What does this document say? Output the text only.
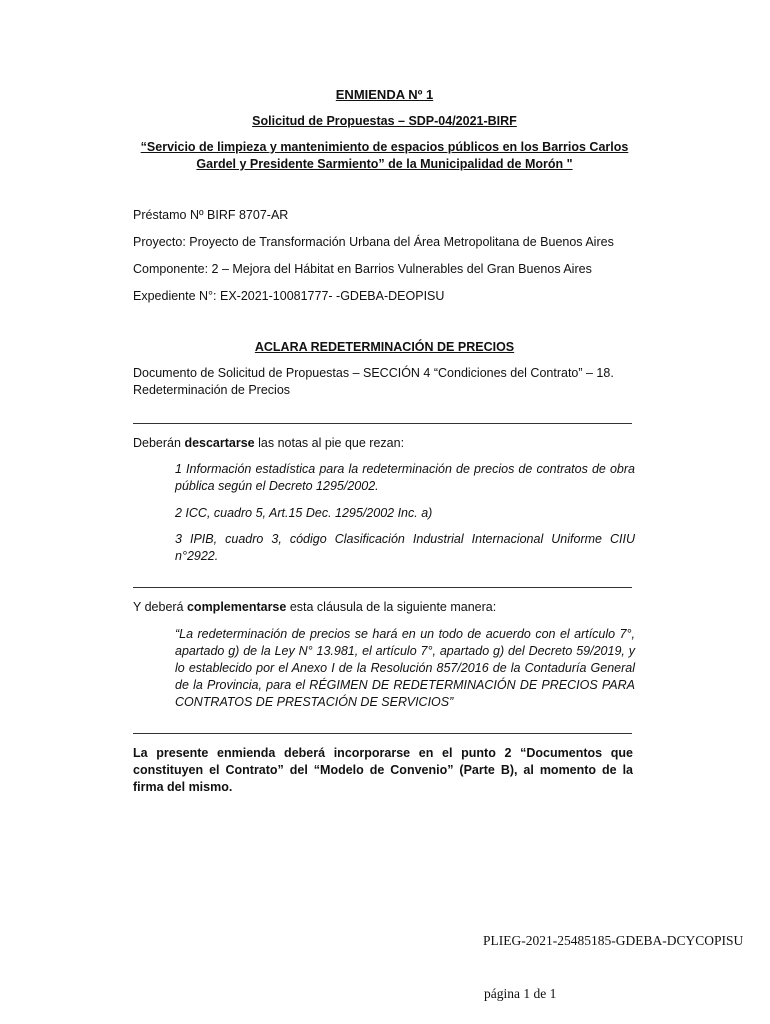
ENMIENDA Nº 1
Solicitud de Propuestas – SDP-04/2021-BIRF
“Servicio de limpieza y mantenimiento de espacios públicos en los Barrios Carlos Gardel y Presidente Sarmiento” de la Municipalidad de Morón "
Préstamo Nº BIRF 8707-AR
Proyecto: Proyecto de Transformación Urbana del Área Metropolitana de Buenos Aires
Componente: 2 – Mejora del Hábitat en Barrios Vulnerables del Gran Buenos Aires
Expediente N°: EX-2021-10081777- -GDEBA-DEOPISU
ACLARA REDETERMINACIÓN DE PRECIOS
Documento de Solicitud de Propuestas – SECCIÓN 4 “Condiciones del Contrato” – 18. Redeterminación de Precios
Deberán descartarse las notas al pie que rezan:
1 Información estadística para la redeterminación de precios de contratos de obra pública según el Decreto 1295/2002.
2 ICC, cuadro 5, Art.15 Dec. 1295/2002 Inc. a)
3 IPIB, cuadro 3, código Clasificación Industrial Internacional Uniforme CIIU n°2922.
Y deberá complementarse esta cláusula de la siguiente manera:
“La redeterminación de precios se hará en un todo de acuerdo con el artículo 7°, apartado g) de la Ley N° 13.981, el artículo 7°, apartado g) del Decreto 59/2019, y lo establecido por el Anexo I de la Resolución 857/2016 de la Contaduría General de la Provincia, para el RÉGIMEN DE REDETERMINACIÓN DE PRECIOS PARA CONTRATOS DE PRESTACIÓN DE SERVICIOS”
La presente enmienda deberá incorporarse en el punto 2 “Documentos que constituyen el Contrato” del “Modelo de Convenio” (Parte B), al momento de la firma del mismo.
PLIEG-2021-25485185-GDEBA-DCYCOPISU
página 1 de 1
